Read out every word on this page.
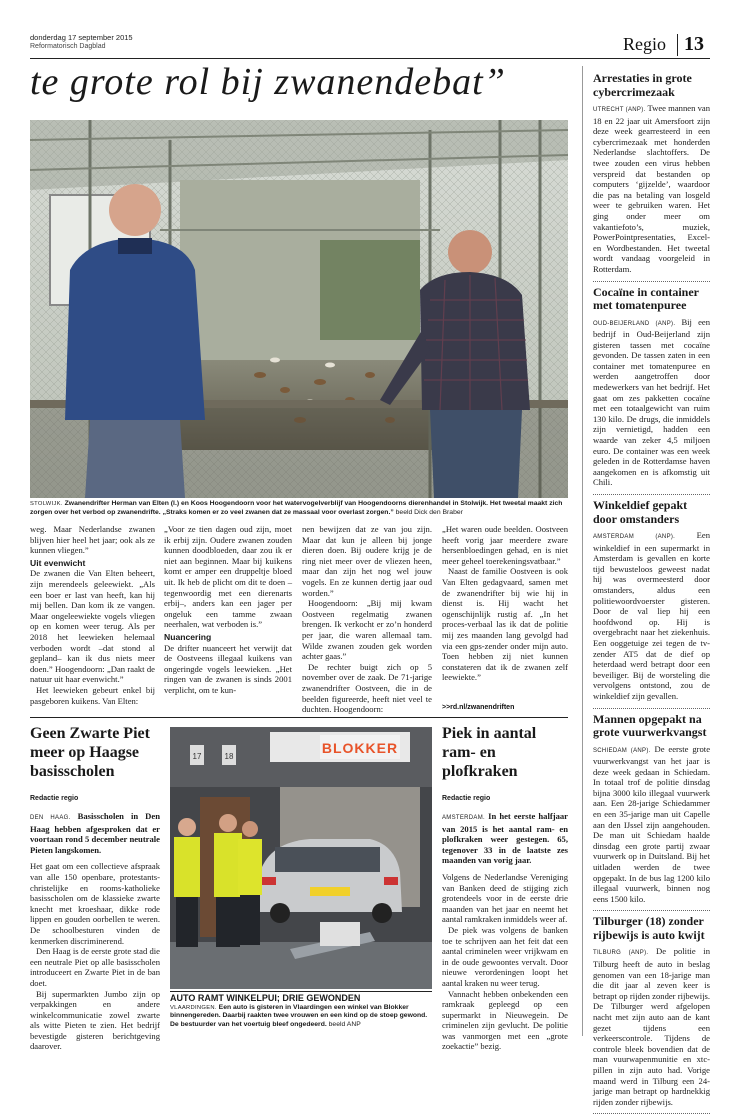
donderdag 17 september 2015
Reformatorisch Dagblad	Regio 13
te grote rol bij zwanendebat”
STOLWIJK. Zwanendrifter Herman van Elten (l.) en Koos Hoogendoorn voor het watervogelverblijf van Hoogendoorns dierenhandel in Stolwijk. Het tweetal maakt zich zorgen over het verbod op zwanendrifte. „Straks komen er zo veel zwanen dat ze massaal voor overlast zorgen.” beeld Dick den Braber

weg. Maar Nederlandse zwanen blijven hier heel het jaar; ook als ze kunnen vliegen.”

Uit evenwicht

De zwanen die Van Elten beheert, zijn merendeels geleewiekt. „Als een boer er last van heeft, kan hij mij bellen. Dan kom ik ze vangen. Maar ongeleewiekte vogels vliegen op en komen weer terug. Als per 2018 het leewieken helemaal verboden wordt –dat stond al gepland– kan ik dus niets meer doen.” Hoogendoorn: „Dan raakt de natuur uit haar evenwicht.”

Het leewieken gebeurt enkel bij pasgeboren kuikens. Van Elten:

„Voor ze tien dagen oud zijn, moet ik erbij zijn. Oudere zwanen zouden kunnen doodbloeden, daar zou ik er niet aan beginnen. Maar bij kuikens komt er amper een druppeltje bloed uit. Ik heb de plicht om dit te doen –tegenwoordig met een dierenarts erbij–, anders kan een jager per ongeluk een tamme zwaan neerhalen, wat verboden is.”

Nuancering

De drifter nuanceert het verwijt dat de Oostveens illegaal kuikens van ongeringde vogels leewieken. „Het ringen van de zwanen is sinds 2001 verplicht, om te kun-

nen bewijzen dat ze van jou zijn. Maar dat kun je alleen bij jonge dieren doen. Bij oudere krijg je de ring niet meer over de vliezen heen, maar dan zijn het nog wel jouw vogels. En ze kunnen dertig jaar oud worden.”

Hoogendoorn: „Bij mij kwam Oostveen regelmatig zwanen brengen. Ik verkocht er zo’n honderd per jaar, die waren allemaal tam. Wilde zwanen zouden gek worden achter gaas.”

De rechter buigt zich op 5 november over de zaak. De 71-jarige zwanendrifter Oostveen, die in de beelden figureerde, heeft niet veel te duchten. Hoogendoorn:

„Het waren oude beelden. Oostveen heeft vorig jaar meerdere zware hersenbloedingen gehad, en is niet meer geheel toerekeningsvatbaar.”

Naast de familie Oostveen is ook Van Elten gedagvaard, samen met de zwanendrifter bij wie hij in dienst is. Hij wacht het ogenschijnlijk rustig af. „In het proces-verbaal las ik dat de politie mij zes maanden lang gevolgd had via een gps-zender onder mijn auto. Toen hebben zij niet kunnen constateren dat ik de zwanen zelf leewiekte.”

>>rd.nl/zwanendriften
Geen Zwarte Piet meer op Haagse basisscholen
Redactie regio

DEN HAAG. Basisscholen in Den Haag hebben afgesproken dat er voortaan rond 5 december neutrale Pieten langskomen.

Het gaat om een collectieve afspraak van alle 150 openbare, protestants-christelijke en rooms-katholieke basisscholen om de klassieke zwarte knecht met kroeshaar, dikke rode lippen en gouden oorbellen te weren. De schoolbesturen vinden de kenmerken discriminerend.

Den Haag is de eerste grote stad die een neutrale Piet op alle basisscholen introduceert en Zwarte Piet in de ban doet.

Bij supermarkten Jumbo zijn op verpakkingen en andere winkelcommunicatie zowel zwarte als witte Pieten te zien. Het bedrijf bevestigde gisteren berichtgeving daarover.

BLOKKER
17	18
AUTO RAMT WINKELPUI; DRIE GEWONDEN
VLAARDINGEN. Een auto is gisteren in Vlaardingen een winkel van Blokker binnengereden. Daarbij raakten twee vrouwen en een kind op de stoep gewond. De bestuurder van het voertuig bleef ongedeerd. beeld ANP
Piek in aantal ram- en plofkraken
Redactie regio

AMSTERDAM. In het eerste halfjaar van 2015 is het aantal ram- en plofkraken weer gestegen. 65, tegenover 33 in de laatste zes maanden van vorig jaar.

Volgens de Nederlandse Vereniging van Banken deed de stijging zich grotendeels voor in de eerste drie maanden van het jaar en neemt het aantal ramkraken inmiddels weer af.

De piek was volgens de banken toe te schrijven aan het feit dat een aantal criminelen weer vrijkwam en in de oude gewoontes vervalt. Door nieuwe verordeningen loopt het aantal kraken nu weer terug.

Vannacht hebben onbekenden een ramkraak gepleegd op een supermarkt in Nieuwegein. De criminelen zijn gevlucht. De politie was vanmorgen met een „grote zoekactie” bezig.

Arrestaties in grote cybercrimezaak
UTRECHT (ANP). Twee mannen van 18 en 22 jaar uit Amersfoort zijn deze week gearresteerd in een cybercrimezaak met honderden Nederlandse slachtoffers. De twee zouden een virus hebben verspreid dat bestanden op computers ‘gijzelde’, waardoor die pas na betaling van losgeld weer te gebruiken waren. Het ging onder meer om vakantiefoto’s, muziek, PowerPointpresentaties, Excel- en Wordbestanden. Het tweetal wordt vandaag voorgeleid in Rotterdam.
Cocaïne in container met tomatenpuree
OUD-BEIJERLAND (ANP). Bij een bedrijf in Oud-Beijerland zijn gisteren tassen met cocaïne gevonden. De tassen zaten in een container met tomatenpuree en werden aangetroffen door medewerkers van het bedrijf. Het gaat om zes pakketten cocaïne met een totaalgewicht van ruim 130 kilo. De drugs, die inmiddels zijn vernietigd, hadden een waarde van zeker 4,5 miljoen euro. De container was een week geleden in de Rotterdamse haven aangekomen en is afkomstig uit Chili.
Winkeldief gepakt door omstanders
AMSTERDAM (ANP). Een winkeldief in een supermarkt in Amsterdam is gevallen en korte tijd bewusteloos geweest nadat hij was overmeesterd door omstanders, aldus een politiewoordvoerster gisteren. Door de val liep hij een hoofdwond op. Hij is overgebracht naar het ziekenhuis. Een ooggetuige zei tegen de tv-zender AT5 dat de dief op heterdaad werd betrapt door een beveiliger. Bij de worsteling die vervolgens ontstond, zou de winkeldief zijn gevallen.
Mannen opgepakt na grote vuurwerkvangst
SCHIEDAM (ANP). De eerste grote vuurwerkvangst van het jaar is deze week gedaan in Schiedam. In totaal trof de politie dinsdag bijna 3000 kilo illegaal vuurwerk aan. Een 28-jarige Schiedammer en een 35-jarige man uit Capelle aan den IJssel zijn aangehouden. De man uit Schiedam haalde dinsdag een grote partij zwaar vuurwerk op in Duitsland. Bij het uitladen werden de twee opgepakt. In de bus lag 1200 kilo illegaal vuurwerk, binnen nog eens 1500 kilo.
Tilburger (18) zonder rijbewijs is auto kwijt
TILBURG (ANP). De politie in Tilburg heeft de auto in beslag genomen van een 18-jarige man die dit jaar al zeven keer is betrapt op rijden zonder rijbewijs. De Tilburger werd afgelopen nacht met zijn auto aan de kant gezet tijdens een verkeerscontrole. Tijdens de controle bleek bovendien dat de man vuurwapenmunitie en xtc-pillen in zijn auto had. Vorige maand werd in Tilburg een 24-jarige man betrapt op hardnekkig rijden zonder rijbewijs.
